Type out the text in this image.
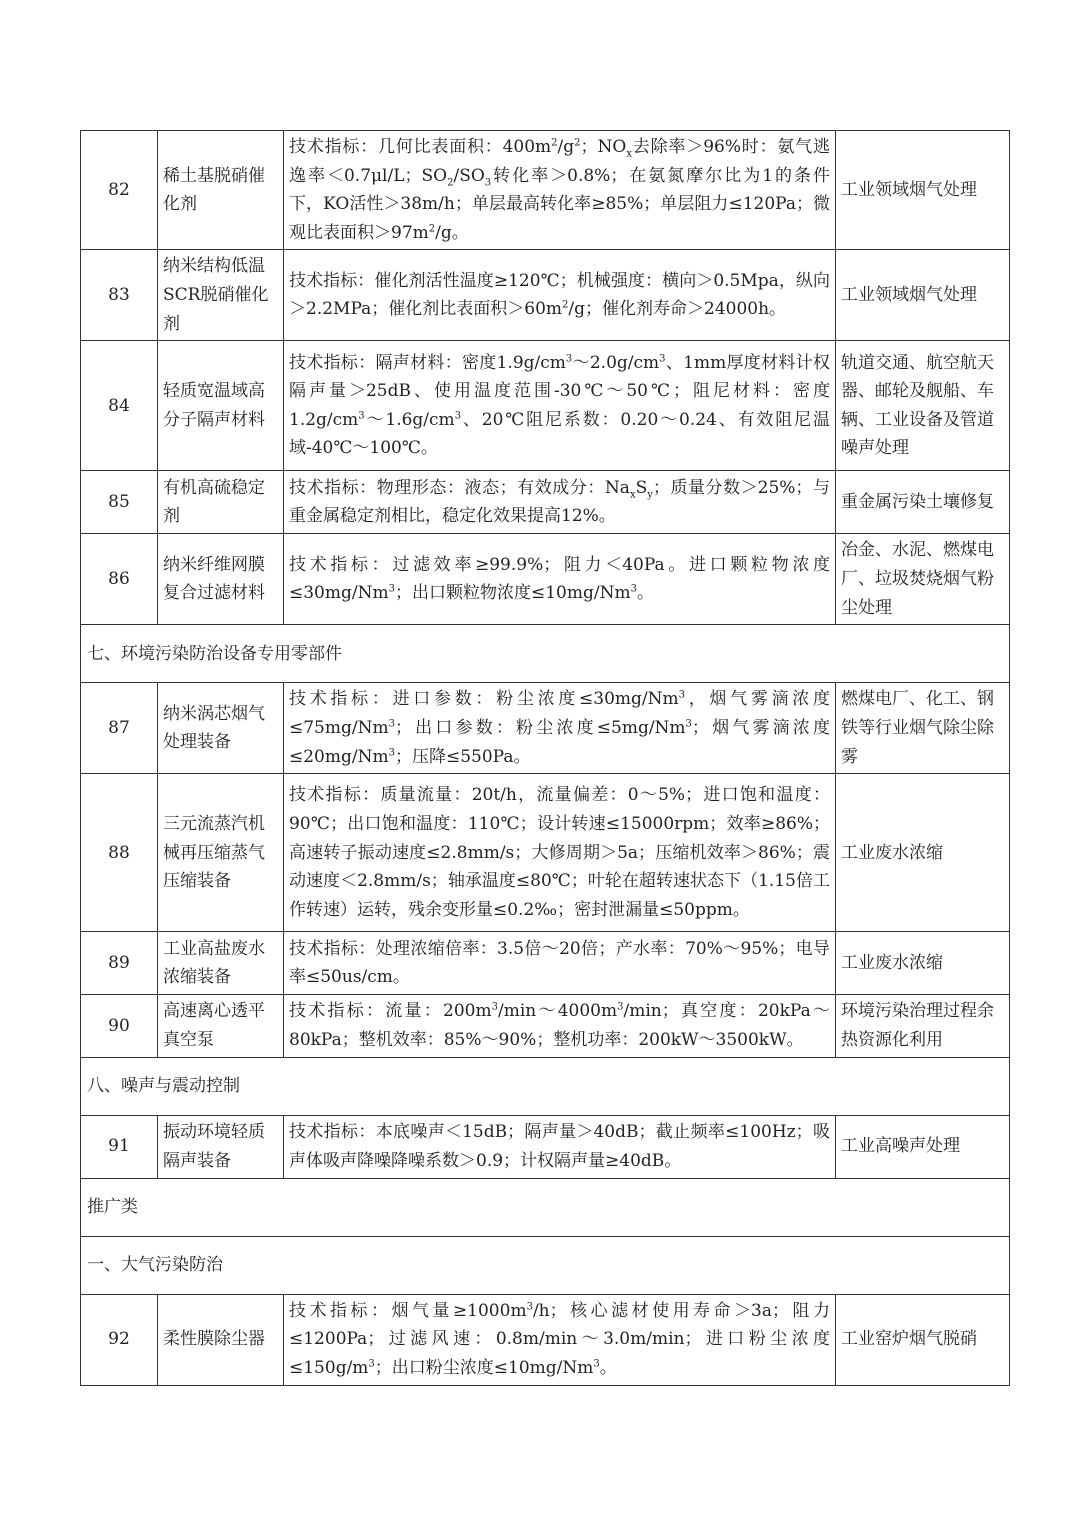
82	稀土基脱硝催化剂	技术指标：几何比表面积：$400m^2/g^2$；$NO_x$去除率＞96%时：氨气逃逸率＜0.7μl/L；$SO_2/SO_3$转化率＞0.8%；在氨氮摩尔比为1的条件下，KO活性＞38m/h；单层最高转化率≥85%；单层阻力≤120Pa；微观比表面积$>97m^2/g$。	工业领域烟气处理
83	纳米结构低温SCR脱硝催化剂	技术指标：催化剂活性温度≥120℃；机械强度：横向＞0.5Mpa，纵向＞2.2MPa；催化剂比表面积$>60m^2/g$；催化剂寿命＞24000h。	工业领域烟气处理
84	轻质宽温域高分子隔声材料	技术指标：隔声材料：密度$1.9g/cm^3\sim 2.0g/cm^3$、1mm厚度材料计权隔声量＞25dB、使用温度范围-30℃～50℃；阻尼材料：密度$1.2g/cm^3\sim 1.6g/cm^3$、20℃阻尼系数：0.20～0.24、有效阻尼温域-40℃～100℃。	轨道交通、航空航天器、邮轮及舰船、车辆、工业设备及管道噪声处理
85	有机高硫稳定剂	技术指标：物理形态：液态；有效成分：$Na_xS_y$；质量分数＞25%；与重金属稳定剂相比，稳定化效果提高12%。	重金属污染土壤修复
86	纳米纤维网膜复合过滤材料	技术指标：过滤效率≥99.9%；阻力＜40Pa。进口颗粒物浓度$\le 30mg/Nm^3$；出口颗粒物浓度$\le 10mg/Nm^3$。	冶金、水泥、燃煤电厂、垃圾焚烧烟气粉尘处理
七、环境污染防治设备专用零部件			
87	纳米涡芯烟气处理装备	技术指标：进口参数：粉尘浓度$\le 30mg/Nm^3$，烟气雾滴浓度$\le 75mg/Nm^3$；出口参数：粉尘浓度$\le 5mg/Nm^3$；烟气雾滴浓度$\le 20mg/Nm^3$；压降≤550Pa。	燃煤电厂、化工、钢铁等行业烟气除尘除雾
88	三元流蒸汽机械再压缩蒸气压缩装备	技术指标：质量流量：20t/h，流量偏差：0～5%；进口饱和温度：90℃；出口饱和温度：110℃；设计转速≤15000rpm；效率≥86%；高速转子振动速度≤2.8mm/s；大修周期＞5a；压缩机效率＞86%；震动速度＜2.8mm/s；轴承温度≤80℃；叶轮在超转速状态下（1.15倍工作转速）运转，残余变形量≤0.2‰；密封泄漏量≤50ppm。	工业废水浓缩
89	工业高盐废水浓缩装备	技术指标：处理浓缩倍率：3.5倍～20倍；产水率：70%～95%；电导率≤50us/cm。	工业废水浓缩
90	高速离心透平真空泵	技术指标：流量：$200m^3/\min\sim 4000m^3/\min$；真空度：20kPa～80kPa；整机效率：85%～90%；整机功率：200kW～3500kW。	环境污染治理过程余热资源化利用
八、噪声与震动控制			
91	振动环境轻质隔声装备	技术指标：本底噪声＜15dB；隔声量＞40dB；截止频率≤100Hz；吸声体吸声降噪降噪系数＞0.9；计权隔声量≥40dB。	工业高噪声处理
推广类			
一、大气污染防治			
92	柔性膜除尘器	技术指标：烟气量$\ge 1000m^3/h$；核心滤材使用寿命＞3a；阻力≤1200Pa；过滤风速：0.8m/min～3.0m/min；进口粉尘浓度$\le 150g/m^3$；出口粉尘浓度$\le 10mg/Nm^3$。	工业窑炉烟气脱硝
